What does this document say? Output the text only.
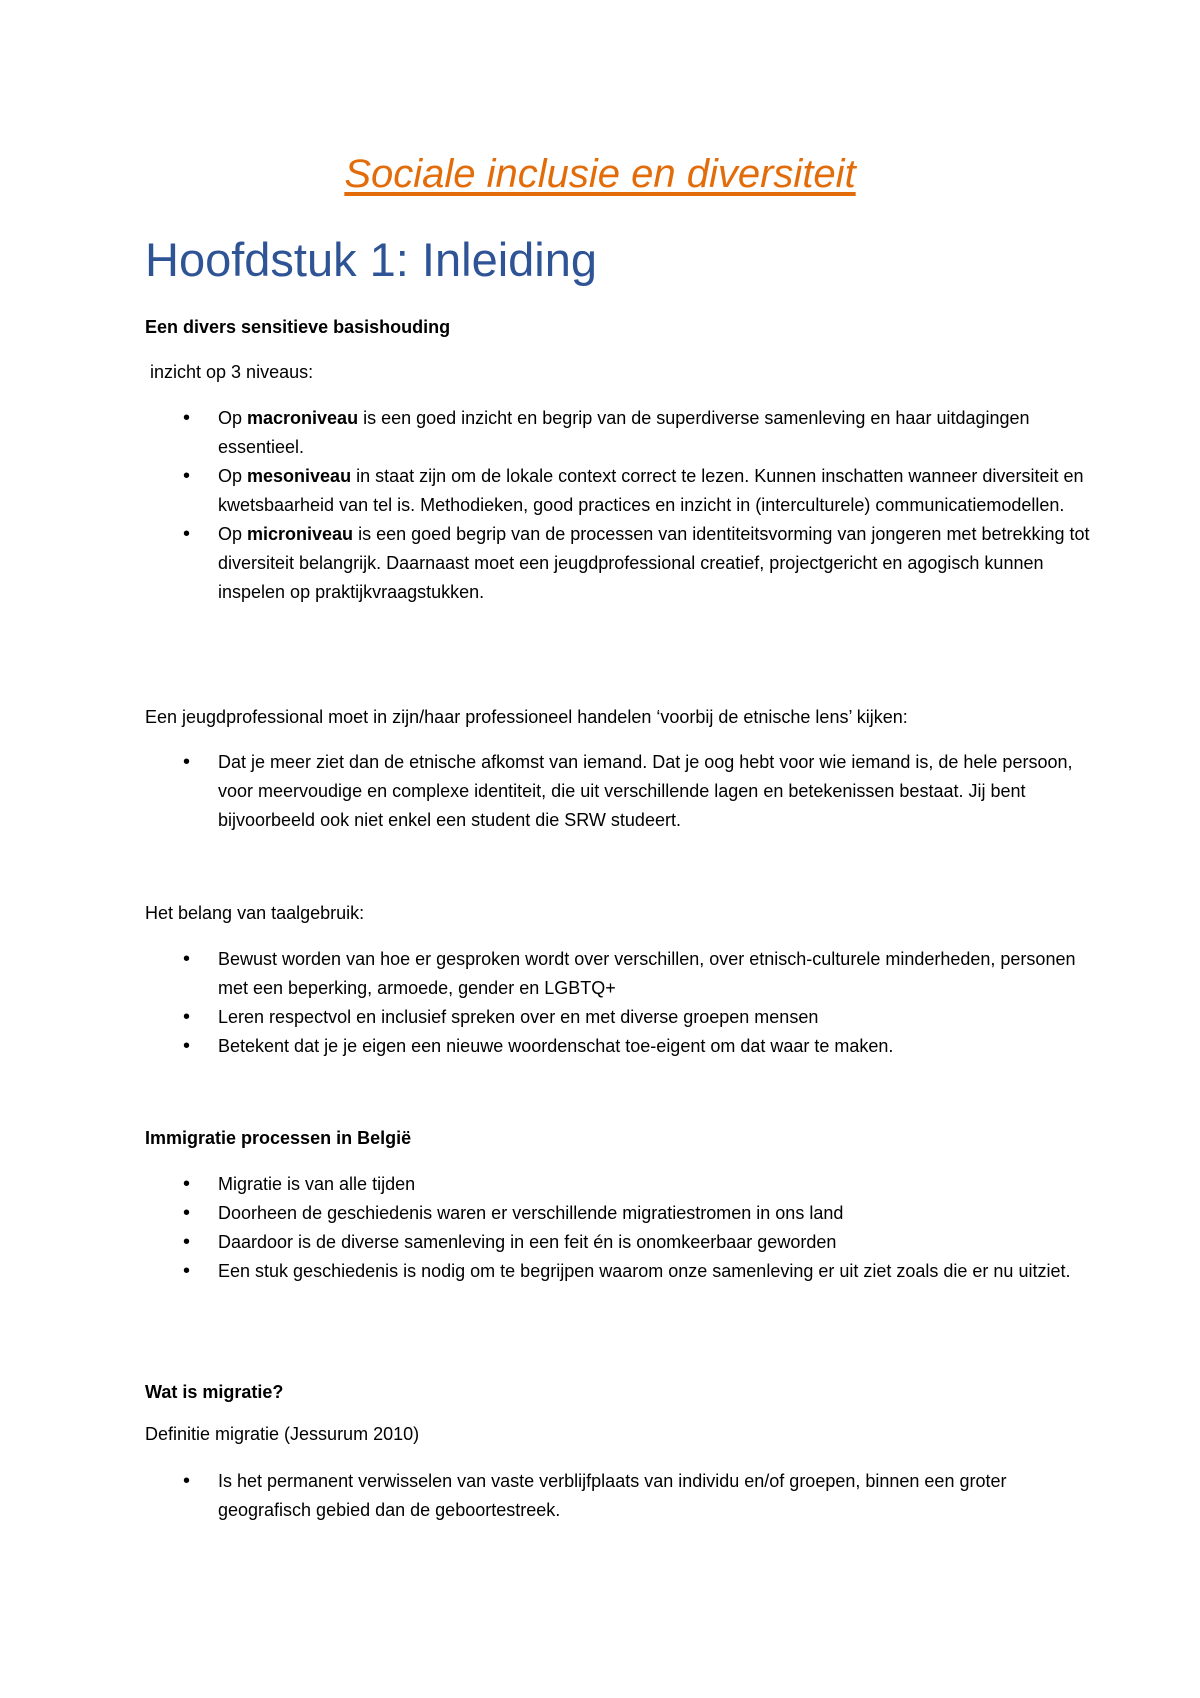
Sociale inclusie en diversiteit
Hoofdstuk 1: Inleiding

Een divers sensitieve basishouding

inzicht op 3 niveaus:

• Op macroniveau is een goed inzicht en begrip van de superdiverse samenleving en haar uitdagingen essentieel.
• Op mesoniveau in staat zijn om de lokale context correct te lezen. Kunnen inschatten wanneer diversiteit en kwetsbaarheid van tel is. Methodieken, good practices en inzicht in (interculturele) communicatiemodellen.
• Op microniveau is een goed begrip van de processen van identiteitsvorming van jongeren met betrekking tot diversiteit belangrijk. Daarnaast moet een jeugdprofessional creatief, projectgericht en agogisch kunnen inspelen op praktijkvraagstukken.

Een jeugdprofessional moet in zijn/haar professioneel handelen ‘voorbij de etnische lens’ kijken:

• Dat je meer ziet dan de etnische afkomst van iemand. Dat je oog hebt voor wie iemand is, de hele persoon, voor meervoudige en complexe identiteit, die uit verschillende lagen en betekenissen bestaat. Jij bent bijvoorbeeld ook niet enkel een student die SRW studeert.

Het belang van taalgebruik:

• Bewust worden van hoe er gesproken wordt over verschillen, over etnisch-culturele minderheden, personen met een beperking, armoede, gender en LGBTQ+
• Leren respectvol en inclusief spreken over en met diverse groepen mensen
• Betekent dat je je eigen een nieuwe woordenschat toe-eigent om dat waar te maken.

Immigratie processen in België

• Migratie is van alle tijden
• Doorheen de geschiedenis waren er verschillende migratiestromen in ons land
• Daardoor is de diverse samenleving in een feit én is onomkeerbaar geworden
• Een stuk geschiedenis is nodig om te begrijpen waarom onze samenleving er uit ziet zoals die er nu uitziet.

Wat is migratie?

Definitie migratie (Jessurum 2010)

• Is het permanent verwisselen van vaste verblijfplaats van individu en/of groepen, binnen een groter geografisch gebied dan de geboortestreek.
